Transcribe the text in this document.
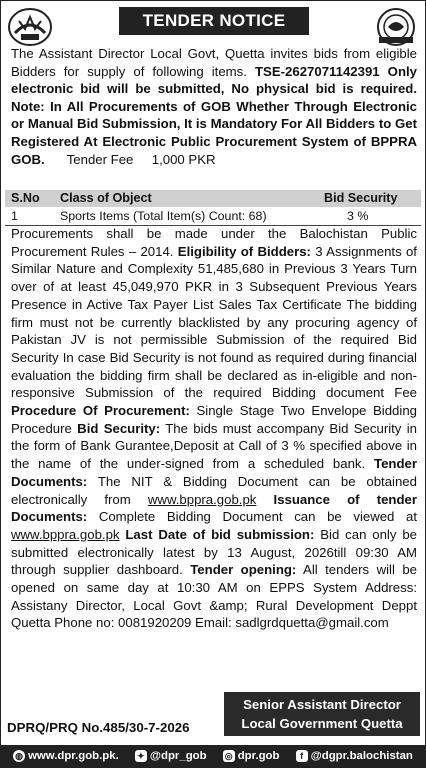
TENDER NOTICE
The Assistant Director Local Govt, Quetta invites bids from eligible Bidders for supply of following items. TSE-2627071142391 Only electronic bid will be submitted, No physical bid is required. Note: In All Procurements of GOB Whether Through Electronic or Manual Bid Submission, It is Mandatory For All Bidders to Get Registered At Electronic Public Procurement System of BPPRA GOB. Tender Fee 1,000 PKR
S.No Class of Object	Bid Security
1	Sports Items (Total Item(s) Count: 68)	3 %
Procurements shall be made under the Balochistan Public Procurement Rules – 2014. Eligibility of Bidders: 3 Assignments of Similar Nature and Complexity 51,485,680 in Previous 3 Years Turn over of at least 45,049,970 PKR in 3 Subsequent Previous Years Presence in Active Tax Payer List Sales Tax Certificate The bidding firm must not be currently blacklisted by any procuring agency of Pakistan JV is not permissible Submission of the required Bid Security In case Bid Security is not found as required during financial evaluation the bidding firm shall be declared as in-eligible and non-responsive Submission of the required Bidding document Fee Procedure Of Procurement: Single Stage Two Envelope Bidding Procedure Bid Security: The bids must accompany Bid Security in the form of Bank Gurantee,Deposit at Call of 3 % specified above in the name of the under-signed from a scheduled bank. Tender Documents: The NIT & Bidding Document can be obtained electronically from www.bppra.gob.pk Issuance of tender Documents: Complete Bidding Document can be viewed at www.bppra.gob.pk Last Date of bid submission: Bid can only be submitted electronically latest by 13 August, 2026till 09:30 AM through supplier dashboard. Tender opening: All tenders will be opened on same day at 10:30 AM on EPPS System Address: Assistany Director, Local Govt &amp; Rural Development Deppt Quetta Phone no: 0081920209 Email: sadlgrdquetta@gmail.com
Senior Assistant Director
Local Government Quetta
DPRQ/PRQ No.485/30-7-2026
◍ www.dpr.gob.pk. ✦ @dpr_gob ◎ dpr.gob	f @dgpr.balochistan
